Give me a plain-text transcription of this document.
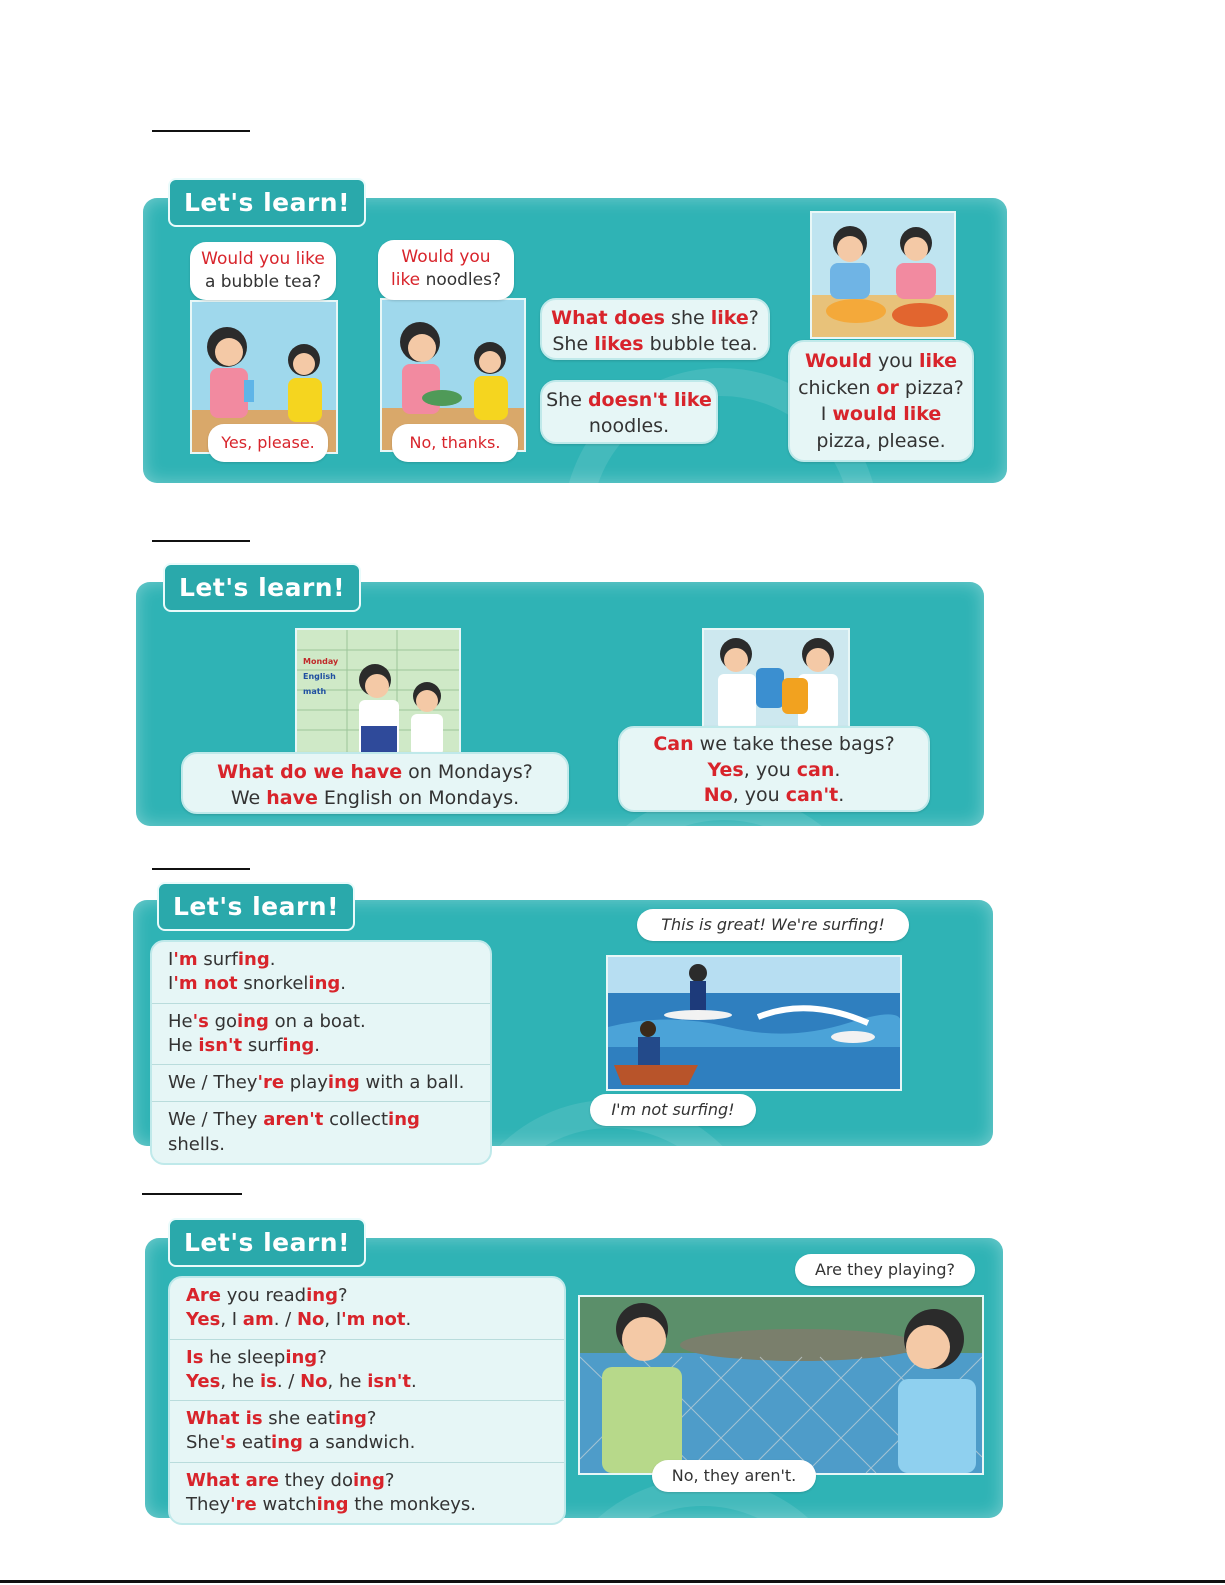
Let's learn!
Would you like
a bubble tea?
Yes, please.
Would you
like noodles?
No, thanks.
What does she like?
She likes bubble tea.
She doesn't like
noodles.
Would you like
chicken or pizza?
I would like
pizza, please.
Let's learn!
Monday
English
math
What do we have on Mondays?
We have English on Mondays.
Can we take these bags?
Yes, you can.
No, you can't.
Let's learn!
I'm surfing.
I'm not snorkeling.
He's going on a boat.
He isn't surfing.
We / They're playing with a ball.
We / They aren't collecting
shells.
This is great! We're surfing!
I'm not surfing!
Let's learn!
Are you reading?
Yes, I am. / No, I'm not.
Is he sleeping?
Yes, he is. / No, he isn't.
What is she eating?
She's eating a sandwich.
What are they doing?
They're watching the monkeys.
Are they playing?
No, they aren't.
